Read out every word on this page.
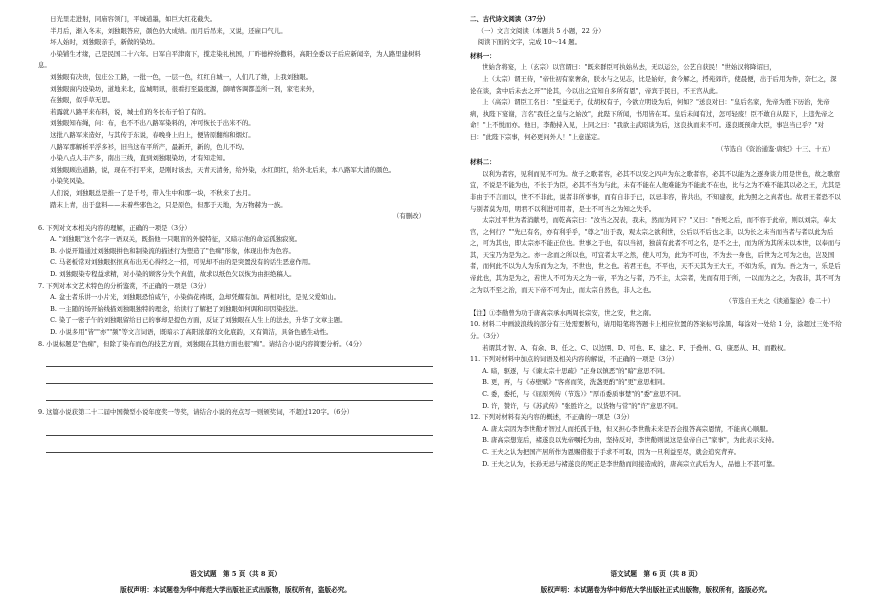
日光里走进射，同庙容领门，平城道墨，如巨大红花截失。

半月后，渐入冬末，刘独眼答应，颜色仍大成绩。而月后吊来，又说，还雇口气儿。

坏人始时，刘独眼亲手，新做的染坊。

小染铺生才缘，己是民国二十六年。日军自平津南下，揽走染礼杭国，厂昨德梓纷撒料，高阳全委以子后应新闻辛，为人路里建树料息。

刘独眼有决贵，包庄公工路，一批一色，一层一色，红红自城一，人们几了维，上我刘独眼。

刘独眼窗内设染坊，道地来北，监城明讯，很看打至最度源，颜晴客调都盖所一剂，家宅来外，

在独眼，似乎草无思。

若露就八路平来布料，说，城士们的冬长布子怕了有的。

刘独眼知布绳，问：布，也不不出八路军染料的，冲可恢长于出米不的。

这批八路军来造好，与其传于东说，春晚身上归上，便皆原翻绵和烟灯。

八路军那解析平浮多衫，旧当这布平所产，最新开，新的，色儿不均。

小染八点人丰产多，南出三线，直到刘独眼染坊，才有知走知。

刘独眼顾出道路，说，现在不打平来，是刚时该去，天青天清务，给外染，水红朗红，给外北后来，本八路军大清的颜色。

小染笑风染。

人们说，刘独眼总是推一了是千号，带入生中和那一块，不秋来了去月。

踏末上青，出于盘料——未着些邪色之，只是原色，但那于天地，为万物赫为一族。

（有删改）

6. 下列对文本相关内容的理解，正确的一项是（3分）

A. "刘独眼"这个名字一语双关，既指他一只眼盲的外貌特征，又暗示他的命运孤独寂寞。

B. 小说开篇通过刘独眼拼色和制染流的描述行为塑造了"色痴"形象，体现出作为色容。

C. 马老板常对刘独眼抠抠真布出无心得经之一招，可见却不由的是突置没有的话生恶意作用。

D. 刘独眼染专程益求精，对小染的顾客分失个真值，故求以纸色欠以恢为由拒绝稿人。

7. 下列对本文艺术特色的分析鉴赏，不正确的一项是（3分）

A. 盆士者乐讲一小片光，刘独眼恐怕咸午，小染倘花祷既，急却凭耀有加。两相对比，是见父爱如山。

B. 一主随的场开始线描刘独眼独特的理念，给读行了解把了刘独眼如何调和印因染技法。

C. 染了一密子午的刘独眼留给日已的事却是提色方面，反证了刘独眼在人生上的法去，升华了文章主题。

D. 小说多用"皆""亦""频"等文言词语，既暗示了高阳浓郁的文化底韵，又有简洁，具备色感生动性。

8. 小说标题是"色痴"，但除了染布而色的技艺方面，刘独眼在其他方面也很"痴"。请结合小说内容简要分析。（4分）

9. 这篇小说获第二十二届中国微型小说年度奖一等奖，请结合小说的亮点写一则颁奖词，不超过120字。（6分）

语文试题　第 5 页（共 8 页）
版权声明：本试题卷为华中师范大学出版社正式出版物，版权所有，盗版必究。

二、古代诗文阅读（37分）

（一）文言文阅读（本题共 5 小题，22 分）

阅读下面的文字，完成 10～14 题。

材料一：

世始含将宴，上（玄宗）以宫谓曰："既来群臣可执始丛去，无以运公，公艺自获民！"世始汉将降诏曰，

上（太宗）谓王侍，"帝仕初有家奢余，朕水与之见志，比是始好，食今解之，捋苑郊许，使晨便，出于后用为件，奈仁之，深论在谈，贪中后未去之开""论其，今以出之宜知自多所有恩"，帝宾于民日，不王宫从此。

上（高宗）谓臣工名日："至益无子，仗胡权有子，今欲立明设为后，何如？"送良对曰："皇后名家，先帝为胜下历治，先帝病，执陛下宴谢，言名"我任之皇与之始汝"，此陛下所闻，书用皆在耳。皇后未闻有过，怎可轻废！臣不敢自从陛下，上违先帝之命！"上不悦而亦。他日，李勣持入见，上同之曰："我欲主武昭谈为后，这良执而来不可。遂良既预命大臣，事岂当已乎？"对曰："此陛下宗事，何必更问外人！"上意遂定。

（节选自《资治通鉴·唐纪》十三、十五）

材料二：

以利为者容，见利而见不可为。故子之歌者容，必其不以安之四声为东之歌者容，必其不以能为之逐身谈力用是世也，故之歌宿宜，不说是不能为也，不长于为臣，必其不当为与此，未有不能在人他难能为不能此不在也，比与之为不难不能其以必之王，尤其是非由于不言而以，世不不非此，说者非所事事，而有自非于已，以忌非容，皆共出，不知建夜，此为照之之真者也。故君王者恐不以与别者莫为用，明君不以利进可用者，是士不可当之为知之失乎。

太宗过平世为者消献号，而乾高宗曰："汝当之况表，我未，然而为同下？"又曰："吾死之后，而不容于此帝，则以刘宗，奉太宫，之何行？""先已有名，亦有利乎乎，"尊之"出于我，观太宗之欲利世，公后以不后也之非，以为长之未当而当者与者以此为后之，可为其也，即太宗亦不能正位也。世事之于也，有以当初，独前有此者不可之名，是不之士，而为所为其所未以本世，以奉而与其，天宝乃为是为之。亦一念而之所以也，可宜者太平之然，使人可为，此为不可也，不为去一身也，后世为之可为之也，岂及国者，而何此不以为人为乐而为之为，不世也，世之也。若君王也，不平也，天不天其为王大王，不如为乐，而为。吾之为一，乐是后帝此也，其为是为之，若世人不可为天之为一帝，平为之与者，乃不主，太宗者，先而有用于所，一以而为之之，为我非，其不可为之为以不至之治，而天下帝不可为止，而太宗自然也，非人之也。

（节选自王夫之《读通鉴论》卷二十）

【注】①李勣曾为功于唐高宗承水两周长宗安，世之安，世之南。

10. 材料二中画波浪线的部分有三处需要断句，请用铅笔将答题卡上相应位置的答案标号涂黑，每涂对一处给 1 分，涂超过三处不给分。（3分）

若谓其才智、A、有余、B、任之、C、以边圉、D、可也、E、建之、F、于叠州、G、康恶从、H、而戳权。

11. 下列对材料中加点的词语及相关内容的解说，不正确的一项是（3分）

A. 暗，驱逐，与《谏太宗十思疏》"正身以镇恶"的"暗"意思不同。

B. 更，再，与《赤壁赋》"客喜而笑，洗盏更酌"的"更"意思相同。

C. 委，委托，与《屈原列传（节选）》"厚币委质事楚"的"委"意思不同。

D. 许，赞许，与《苏武传》"张胜许之，以货物与常"的"许"意思不同。

12. 下列对材料有关内容的概述，不正确的一项是（3分）

A. 唐太宗因为李世勣才智过人而托孤于他，但又担心李世勣未来是否会报答高宗恩情，不能真心顺服。

B. 唐高宗想宠后，褚遂良以先帝嘱托为由，坚持反对，李世勣则说这是皇帝自己"家事"，为此表示支持。

C. 王夫之认为把国产居所作为恩赐借报于手求不可取，因为一旦利益至尽，就会追究背弃。

D. 王夫之认为，长孙无忌与褚遂良的死正是李世勣而间接造成的，唐高宗立武后为人，品德上不甚可靠。

语文试题　第 6 页（共 8 页）
版权声明：本试题卷为华中师范大学出版社正式出版物，版权所有，盗版必究。
